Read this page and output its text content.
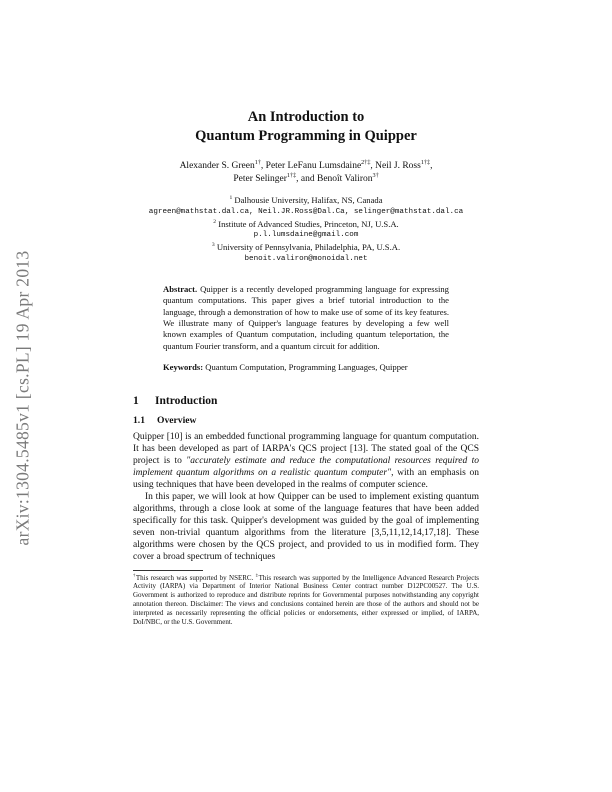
arXiv:1304.5485v1 [cs.PL] 19 Apr 2013
An Introduction to
Quantum Programming in Quipper
Alexander S. Green$^{1\dagger}$, Peter LeFanu Lumsdaine$^{2\dagger\ddagger}$, Neil J. Ross$^{1\dagger\ddagger}$,
Peter Selinger$^{1\dagger\ddagger}$, and Benoît Valiron$^{3\dagger}$
$^1$ Dalhousie University, Halifax, NS, Canada
agreen@mathstat.dal.ca, Neil.JR.Ross@Dal.Ca, selinger@mathstat.dal.ca
$^2$ Institute of Advanced Studies, Princeton, NJ, U.S.A.
p.l.lumsdaine@gmail.com
$^3$ University of Pennsylvania, Philadelphia, PA, U.S.A.
benoit.valiron@monoidal.net
Abstract. Quipper is a recently developed programming language for expressing quantum computations. This paper gives a brief tutorial introduction to the language, through a demonstration of how to make use of some of its key features. We illustrate many of Quipper's language features by developing a few well known examples of Quantum computation, including quantum teleportation, the quantum Fourier transform, and a quantum circuit for addition.
Keywords: Quantum Computation, Programming Languages, Quipper
1 Introduction
1.1 Overview

Quipper [10] is an embedded functional programming language for quantum computation. It has been developed as part of IARPA's QCS project [13]. The stated goal of the QCS project is to "accurately estimate and reduce the computational resources required to implement quantum algorithms on a realistic quantum computer", with an emphasis on using techniques that have been developed in the realms of computer science.

In this paper, we will look at how Quipper can be used to implement existing quantum algorithms, through a close look at some of the language features that have been added specifically for this task. Quipper's development was guided by the goal of implementing seven non-trivial quantum algorithms from the literature [3,5,11,12,14,17,18]. These algorithms were chosen by the QCS project, and provided to us in modified form. They cover a broad spectrum of techniques

†This research was supported by NSERC. ‡This research was supported by the Intelligence Advanced Research Projects Activity (IARPA) via Department of Interior National Business Center contract number D12PC00527. The U.S. Government is authorized to reproduce and distribute reprints for Governmental purposes notwithstanding any copyright annotation thereon. Disclaimer: The views and conclusions contained herein are those of the authors and should not be interpreted as necessarily representing the official policies or endorsements, either expressed or implied, of IARPA, DoI/NBC, or the U.S. Government.
